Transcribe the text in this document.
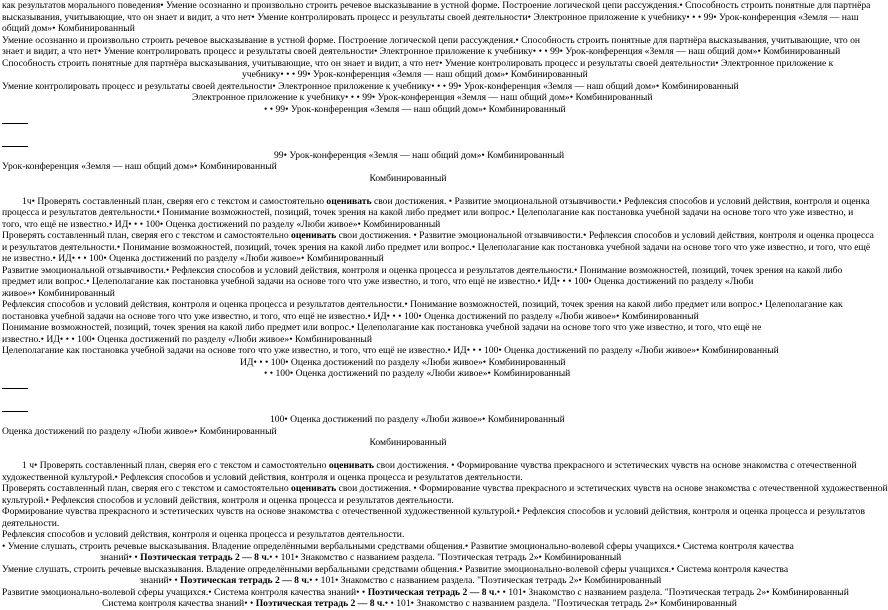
как результатов морального поведения• Умение осознанно и произвольно строить речевое высказывание в устной форме. Построение логической цепи рассуждения.• Способность строить понятные для партнёра
высказывания, учитывающие, что он знает и видит, а что нет• Умение контролировать процесс и результаты своей деятельности• Электронное приложение к учебнику• • • 99• Урок-конференция «Земля — наш
общий дом»• Комбинированный
Умение осознанно и произвольно строить речевое высказывание в устной форме. Построение логической цепи рассуждения.• Способность строить понятные для партнёра высказывания, учитывающие, что он
знает и видит, а что нет• Умение контролировать процесс и результаты своей деятельности• Электронное приложение к учебнику• • • 99• Урок-конференция «Земля — наш общий дом»• Комбинированный
Способность строить понятные для партнёра высказывания, учитывающие, что он знает и видит, а что нет• Умение контролировать процесс и результаты своей деятельности• Электронное приложение к
учебнику• • • 99• Урок-конференция «Земля — наш общий дом»• Комбинированный
Умение контролировать процесс и результаты своей деятельности• Электронное приложение к учебнику• • • 99• Урок-конференция «Земля — наш общий дом»• Комбинированный
Электронное приложение к учебнику• • • 99• Урок-конференция «Земля — наш общий дом»• Комбинированный
• • 99• Урок-конференция «Земля — наш общий дом»• Комбинированный
99• Урок-конференция «Земля — наш общий дом»• Комбинированный
Урок-конференция «Земля — наш общий дом»• Комбинированный
Комбинированный
1ч• Проверять составленный план, сверяя его с текстом и самостоятельно оценивать свои достижения. • Развитие эмоциональной отзывчивости.• Рефлексия способов и условий действия, контроля и оценка
процесса и результатов деятельности.• Понимание возможностей, позиций, точек зрения на какой либо предмет или вопрос.• Целеполагание как постановка учебной задачи на основе того что уже известно, и
того, что ещё не известно.• ИД• • • 100• Оценка достижений по разделу «Люби живое»• Комбинированный
Проверять составленный план, сверяя его с текстом и самостоятельно оценивать свои достижения. • Развитие эмоциональной отзывчивости.• Рефлексия способов и условий действия, контроля и оценка процесса
и результатов деятельности.• Понимание возможностей, позиций, точек зрения на какой либо предмет или вопрос.• Целеполагание как постановка учебной задачи на основе того что уже известно, и того, что ещё
не известно.• ИД• • • 100• Оценка достижений по разделу «Люби живое»• Комбинированный
Развитие эмоциональной отзывчивости.• Рефлексия способов и условий действия, контроля и оценка процесса и результатов деятельности.• Понимание возможностей, позиций, точек зрения на какой либо
предмет или вопрос.• Целеполагание как постановка учебной задачи на основе того что уже известно, и того, что ещё не известно.• ИД• • • 100• Оценка достижений по разделу «Люби
живое»• Комбинированный
Рефлексия способов и условий действия, контроля и оценка процесса и результатов деятельности.• Понимание возможностей, позиций, точек зрения на какой либо предмет или вопрос.• Целеполагание как
постановка учебной задачи на основе того что уже известно, и того, что ещё не известно.• ИД• • • 100• Оценка достижений по разделу «Люби живое»• Комбинированный
Понимание возможностей, позиций, точек зрения на какой либо предмет или вопрос.• Целеполагание как постановка учебной задачи на основе того что уже известно, и того, что ещё не
известно.• ИД• • • 100• Оценка достижений по разделу «Люби живое»• Комбинированный
Целеполагание как постановка учебной задачи на основе того что уже известно, и того, что ещё не известно.• ИД• • • 100• Оценка достижений по разделу «Люби живое»• Комбинированный
ИД• • • 100• Оценка достижений по разделу «Люби живое»• Комбинированный
• • 100• Оценка достижений по разделу «Люби живое»• Комбинированный
100• Оценка достижений по разделу «Люби живое»• Комбинированный
Оценка достижений по разделу «Люби живое»• Комбинированный
Комбинированный
1 ч• Проверять составленный план, сверяя его с текстом и самостоятельно оценивать свои достижения. • Формирование чувства прекрасного и эстетических чувств на основе знакомства с отечественной
художественной культурой.• Рефлексия способов и условий действия, контроля и оценка процесса и результатов деятельности.
Проверять составленный план, сверяя его с текстом и самостоятельно оценивать свои достижения. • Формирование чувства прекрасного и эстетических чувств на основе знакомства с отечественной художественной
культурой.• Рефлексия способов и условий действия, контроля и оценка процесса и результатов деятельности.
Формирование чувства прекрасного и эстетических чувств на основе знакомства с отечественной художественной культурой.• Рефлексия способов и условий действия, контроля и оценка процесса и результатов
деятельности.
Рефлексия способов и условий действия, контроля и оценка процесса и результатов деятельности.
• Умение слушать, строить речевые высказывания. Владение определёнными вербальными средствами общения.• Развитие эмоционально-волевой сферы учащихся.• Система контроля качества
знаний• • Поэтическая тетрадь 2 — 8 ч.• • 101• Знакомство с названием раздела. "Поэтическая тетрадь 2»• Комбинированный
Умение слушать, строить речевые высказывания. Владение определёнными вербальными средствами общения.• Развитие эмоционально-волевой сферы учащихся.• Система контроля качества
знаний• • Поэтическая тетрадь 2 — 8 ч.• • 101• Знакомство с названием раздела. "Поэтическая тетрадь 2»• Комбинированный
Развитие эмоционально-волевой сферы учащихся.• Система контроля качества знаний• • Поэтическая тетрадь 2 — 8 ч.• • 101• Знакомство с названием раздела. "Поэтическая тетрадь 2»• Комбинированный
Система контроля качества знаний• • Поэтическая тетрадь 2 — 8 ч.• • 101• Знакомство с названием раздела. "Поэтическая тетрадь 2»• Комбинированный
